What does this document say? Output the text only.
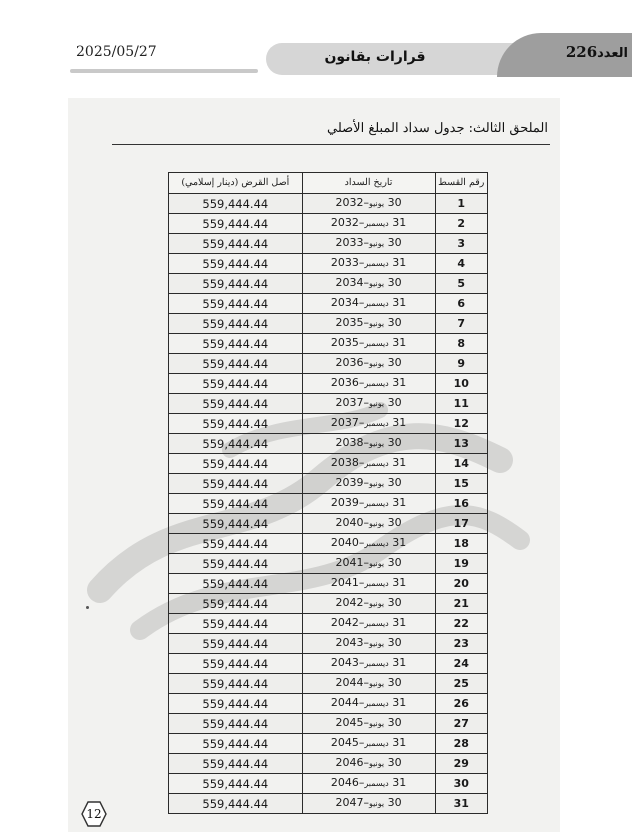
2025/05/27	قرارات بقانون	العدد226
الملحق الثالث: جدول سداد المبلغ الأصلي
رقم القسط	تاريخ السداد	أصل القرض (دينار إسلامي)
1	30 يونيو–2032	559,444.44
2	31 ديسمبر–2032	559,444.44
3	30 يونيو–2033	559,444.44
4	31 ديسمبر–2033	559,444.44
5	30 يونيو–2034	559,444.44
6	31 ديسمبر–2034	559,444.44
7	30 يونيو–2035	559,444.44
8	31 ديسمبر–2035	559,444.44
9	30 يونيو–2036	559,444.44
10	31 ديسمبر–2036	559,444.44
11	30 يونيو–2037	559,444.44
12	31 ديسمبر–2037	559,444.44
13	30 يونيو–2038	559,444.44
14	31 ديسمبر–2038	559,444.44
15	30 يونيو–2039	559,444.44
16	31 ديسمبر–2039	559,444.44
17	30 يونيو–2040	559,444.44
18	31 ديسمبر–2040	559,444.44
19	30 يونيو–2041	559,444.44
20	31 ديسمبر–2041	559,444.44
21	30 يونيو–2042	559,444.44
22	31 ديسمبر–2042	559,444.44
23	30 يونيو–2043	559,444.44
24	31 ديسمبر–2043	559,444.44
25	30 يونيو–2044	559,444.44
26	31 ديسمبر–2044	559,444.44
27	30 يونيو–2045	559,444.44
28	31 ديسمبر–2045	559,444.44
29	30 يونيو–2046	559,444.44
30	31 ديسمبر–2046	559,444.44
31	30 يونيو–2047	559,444.44
12
